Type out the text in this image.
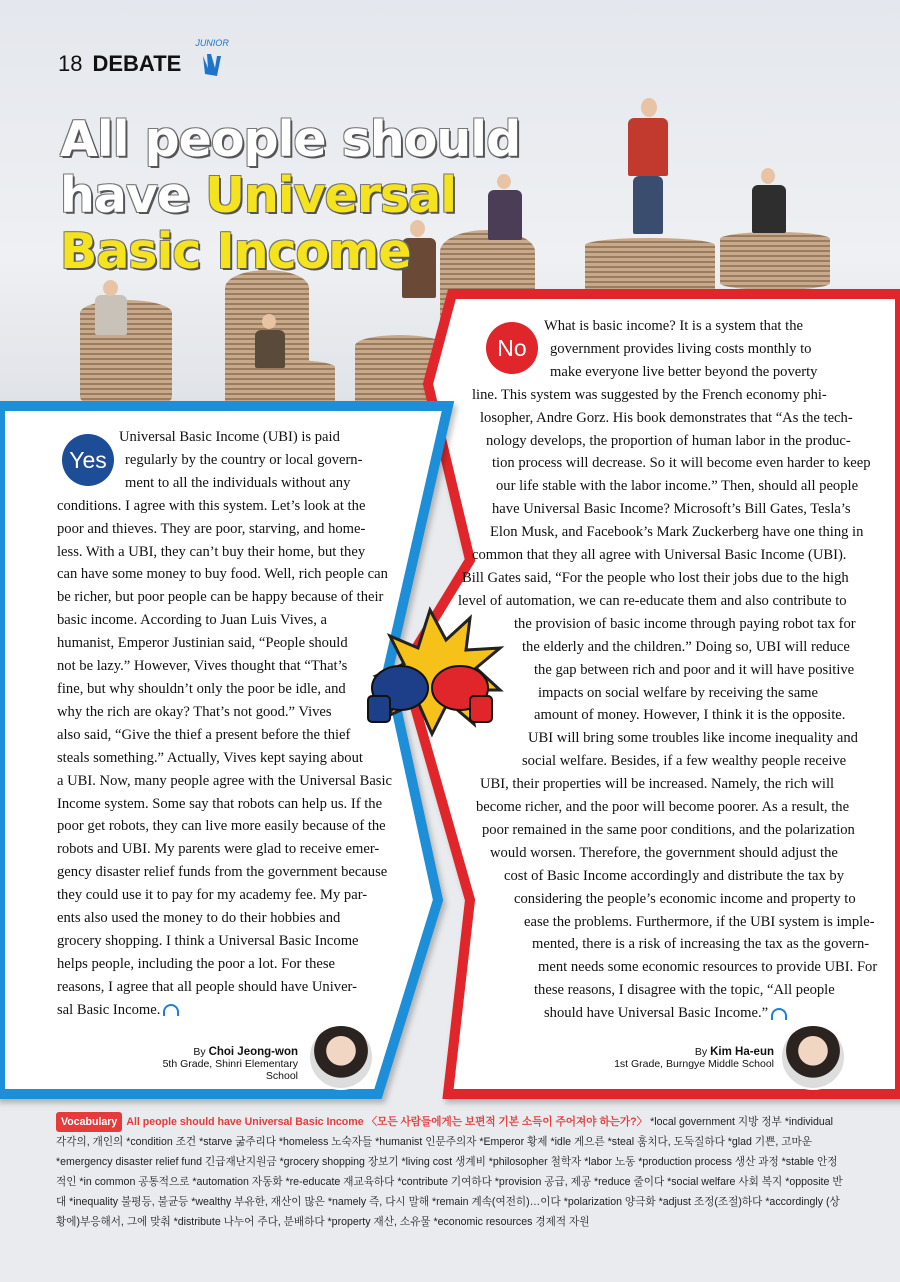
18 DEBATE
JUNIOR
All people should
have Universal
Basic Income
Yes

Universal Basic Income (UBI) is paid

regularly by the country or local govern-

ment to all the individuals without any

conditions. I agree with this system. Let’s look at the

poor and thieves. They are poor, starving, and home-

less. With a UBI, they can’t buy their home, but they

can have some money to buy food. Well, rich people can

be richer, but poor people can be happy because of their

basic income. According to Juan Luis Vives, a

humanist, Emperor Justinian said, “People should

not be lazy.” However, Vives thought that “That’s

fine, but why shouldn’t only the poor be idle, and

why the rich are okay? That’s not good.” Vives

also said, “Give the thief a present before the thief

steals something.” Actually, Vives kept saying about

a UBI. Now, many people agree with the Universal Basic

Income system. Some say that robots can help us. If the

poor get robots, they can live more easily because of the

robots and UBI. My parents were glad to receive emer-

gency disaster relief funds from the government because

they could use it to pay for my academy fee. My par-

ents also used the money to do their hobbies and

grocery shopping. I think a Universal Basic Income

helps people, including the poor a lot. For these

reasons, I agree that all people should have Univer-

sal Basic Income.

By Choi Jeong-won
5th Grade, Shinri Elementary School
No

What is basic income? It is a system that the

government provides living costs monthly to

make everyone live better beyond the poverty

line. This system was suggested by the French economy phi-

losopher, Andre Gorz. His book demonstrates that “As the tech-

nology develops, the proportion of human labor in the produc-

tion process will decrease. So it will become even harder to keep

our life stable with the labor income.” Then, should all people

have Universal Basic Income? Microsoft’s Bill Gates, Tesla’s

Elon Musk, and Facebook’s Mark Zuckerberg have one thing in

common that they all agree with Universal Basic Income (UBI).

Bill Gates said, “For the people who lost their jobs due to the high

level of automation, we can re-educate them and also contribute to

the provision of basic income through paying robot tax for

the elderly and the children.” Doing so, UBI will reduce

the gap between rich and poor and it will have positive

impacts on social welfare by receiving the same

amount of money. However, I think it is the opposite.

UBI will bring some troubles like income inequality and

social welfare. Besides, if a few wealthy people receive

UBI, their properties will be increased. Namely, the rich will

become richer, and the poor will become poorer. As a result, the

poor remained in the same poor conditions, and the polarization

would worsen. Therefore, the government should adjust the

cost of Basic Income accordingly and distribute the tax by

considering the people’s economic income and property to

ease the problems. Furthermore, if the UBI system is imple-

mented, there is a risk of increasing the tax as the govern-

ment needs some economic resources to provide UBI. For

these reasons, I disagree with the topic, “All people

should have Universal Basic Income.”

By Kim Ha-eun
1st Grade, Burngye Middle School
Vocabulary All people should have Universal Basic Income 〈모든 사람들에게는 보편적 기본 소득이 주어져야 하는가?〉 *local government 지방 정부 *individual 각각의, 개인의 *condition 조건 *starve 굶주리다 *homeless 노숙자들 *humanist 인문주의자 *Emperor 황제 *idle 게으른 *steal 훔치다, 도둑질하다 *glad 기쁜, 고마운 *emergency disaster relief fund 긴급재난지원금 *grocery shopping 장보기 *living cost 생계비 *philosopher 철학자 *labor 노동 *production process 생산 과정 *stable 안정적인 *in common 공통적으로 *automation 자동화 *re-educate 재교육하다 *contribute 기여하다 *provision 공급, 제공 *reduce 줄이다 *social welfare 사회 복지 *opposite 반대 *inequality 불평등, 불균등 *wealthy 부유한, 재산이 많은 *namely 즉, 다시 말해 *remain 계속(여전히)…이다 *polarization 양극화 *adjust 조정(조절)하다 *accordingly (상황에)부응해서, 그에 맞춰 *distribute 나누어 주다, 분배하다 *property 재산, 소유물 *economic resources 경제적 자원
